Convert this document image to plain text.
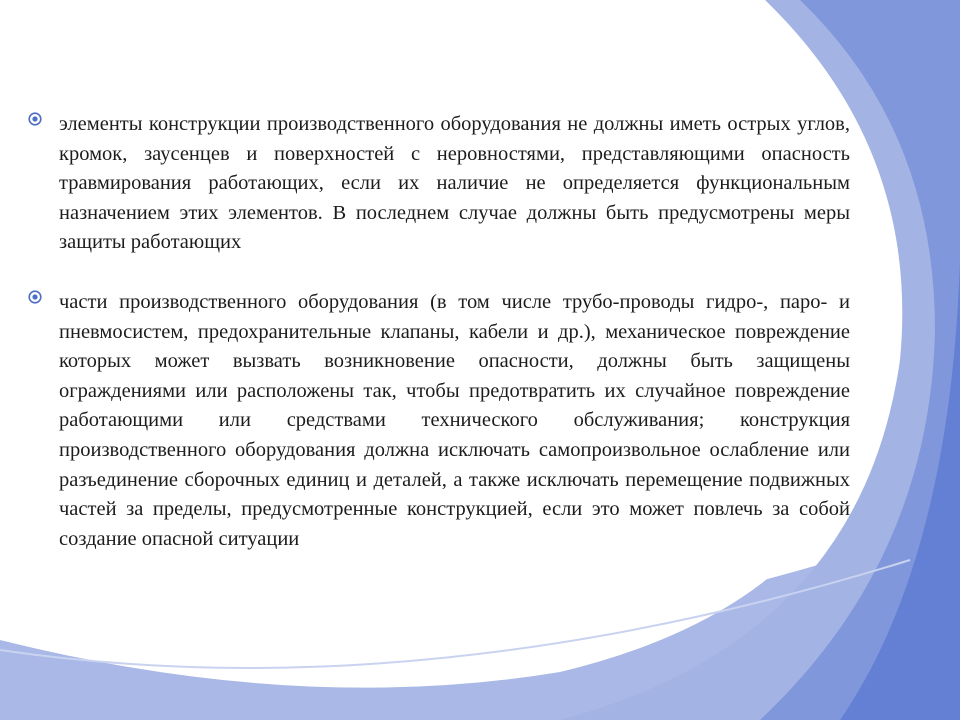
элементы конструкции производственного оборудования не должны иметь острых углов, кромок, заусенцев и поверхностей с неровностями, представляющими опасность травмирования работающих, если их наличие не определяется функциональным назначением этих элементов. В последнем случае должны быть предусмотрены меры защиты работающих

части производственного оборудования (в том числе трубо-проводы гидро-, паро- и пневмосистем, предохранительные клапаны, кабели и др.), механическое повреждение которых может вызвать возникновение опасности, должны быть защищены ограждениями или расположены так, чтобы предотвратить их случайное повреждение работающими или средствами технического обслуживания; конструкция производственного оборудования должна исключать самопроизвольное ослабление или разъединение сборочных единиц и деталей, а также исключать перемещение подвижных частей за пределы, предусмотренные конструкцией, если это может повлечь за собой создание опасной ситуации
